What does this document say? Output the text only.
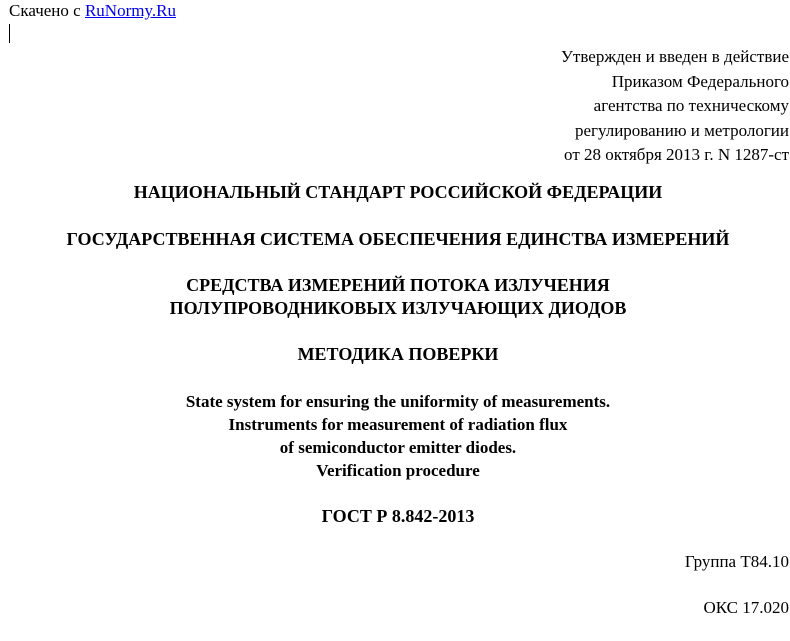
Скачено с RuNormy.Ru
Утвержден и введен в действие
Приказом Федерального
агентства по техническому
регулированию и метрологии
от 28 октября 2013 г. N 1287-ст
НАЦИОНАЛЬНЫЙ СТАНДАРТ РОССИЙСКОЙ ФЕДЕРАЦИИ
ГОСУДАРСТВЕННАЯ СИСТЕМА ОБЕСПЕЧЕНИЯ ЕДИНСТВА ИЗМЕРЕНИЙ
СРЕДСТВА ИЗМЕРЕНИЙ ПОТОКА ИЗЛУЧЕНИЯ
ПОЛУПРОВОДНИКОВЫХ ИЗЛУЧАЮЩИХ ДИОДОВ
МЕТОДИКА ПОВЕРКИ
State system for ensuring the uniformity of measurements.
Instruments for measurement of radiation flux
of semiconductor emitter diodes.
Verification procedure
ГОСТ Р 8.842-2013
Группа Т84.10
ОКС 17.020
